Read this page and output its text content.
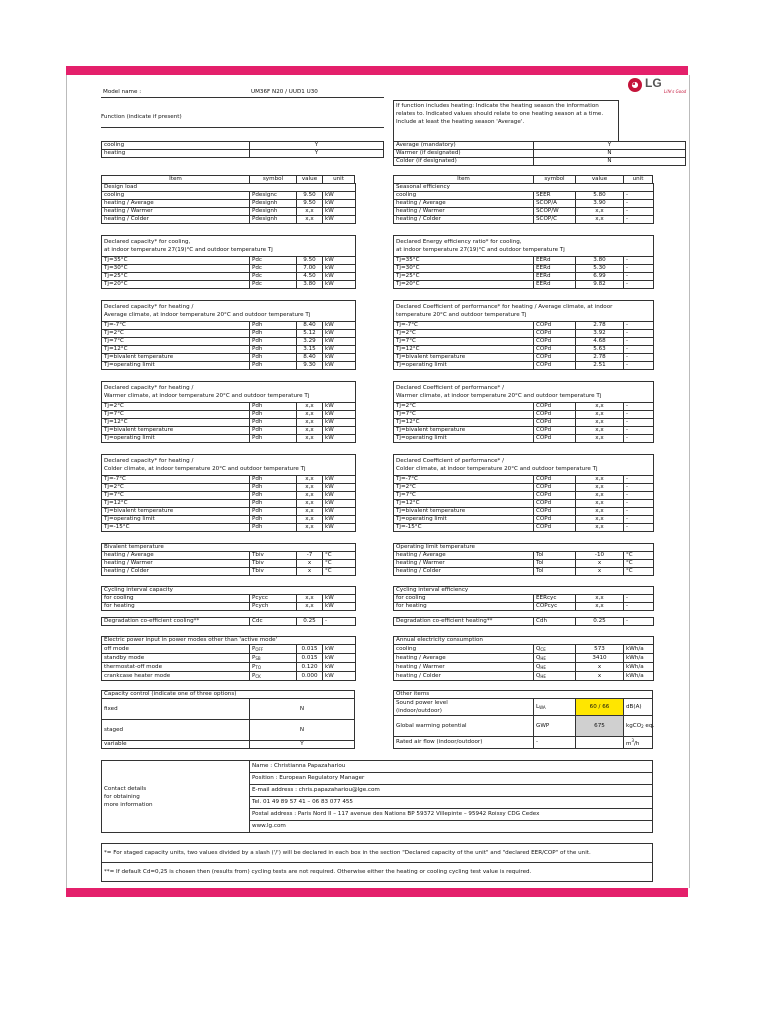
◕ LG
Life's Good
Model name :	UM36F N20 / UUD1 U30
Function (indicate if present)
cooling	Y
heating	Y
If function includes heating: Indicate the heating season the information relates to. Indicated values should relate to one heating season at a time. Include at least the heating season 'Average'.
Average (mandatory)	Y
Warmer (if designated)	N
Colder (if designated)	N
Item	symbol	value	unit	Item	symbol	value	unit
Design load			
cooling	Pdesignc	9.50	kW
heating / Average	Pdesignh	9.50	kW
heating / Warmer	Pdesignh	x,x	kW
heating / Colder	Pdesignh	x,x	kW
Seasonal efficiency			
cooling	SEER	5.80	-
heating / Average	SCOP/A	3.90	-
heating / Warmer	SCOP/W	x,x	-
heating / Colder	SCOP/C	x,x	-
Declared capacity* for cooling,
at indoor temperature 27(19)°C and outdoor temperature Tj			
Tj=35°C	Pdc	9.50	kW
Tj=30°C	Pdc	7.00	kW
Tj=25°C	Pdc	4.50	kW
Tj=20°C	Pdc	3.80	kW
Declared Energy efficiency ratio* for cooling,
at indoor temperature 27(19)°C and outdoor temperature Tj			
Tj=35°C	EERd	3.80	-
Tj=30°C	EERd	5.30	-
Tj=25°C	EERd	6.99	-
Tj=20°C	EERd	9.82	-
Declared capacity* for heating /
Average climate, at indoor temperature 20°C and outdoor temperature Tj			
Tj=-7°C	Pdh	8.40	kW
Tj=2°C	Pdh	5.12	kW
Tj=7°C	Pdh	3.29	kW
Tj=12°C	Pdh	3.15	kW
Tj=bivalent temperature	Pdh	8.40	kW
Tj=operating limit	Pdh	9.30	kW
Declared Coefficient of performance* for heating / Average climate, at indoor
temperature 20°C and outdoor temperature Tj			
Tj=-7°C	COPd	2.78	-
Tj=2°C	COPd	3.92	-
Tj=7°C	COPd	4.68	-
Tj=12°C	COPd	5.63	-
Tj=bivalent temperature	COPd	2.78	-
Tj=operating limit	COPd	2.51	-
Declared capacity* for heating /
Warmer climate, at indoor temperature 20°C and outdoor temperature Tj			
Tj=2°C	Pdh	x,x	kW
Tj=7°C	Pdh	x,x	kW
Tj=12°C	Pdh	x,x	kW
Tj=bivalent temperature	Pdh	x,x	kW
Tj=operating limit	Pdh	x,x	kW
Declared Coefficient of performance* /
Warmer climate, at indoor temperature 20°C and outdoor temperature Tj			
Tj=2°C	COPd	x,x	-
Tj=7°C	COPd	x,x	-
Tj=12°C	COPd	x,x	-
Tj=bivalent temperature	COPd	x,x	-
Tj=operating limit	COPd	x,x	-
Declared capacity* for heating /
Colder climate, at indoor temperature 20°C and outdoor temperature Tj			
Tj=-7°C	Pdh	x,x	kW
Tj=2°C	Pdh	x,x	kW
Tj=7°C	Pdh	x,x	kW
Tj=12°C	Pdh	x,x	kW
Tj=bivalent temperature	Pdh	x,x	kW
Tj=operating limit	Pdh	x,x	kW
Tj=-15°C	Pdh	x,x	kW
Declared Coefficient of performance* /
Colder climate, at indoor temperature 20°C and outdoor temperature Tj			
Tj=-7°C	COPd	x,x	-
Tj=2°C	COPd	x,x	-
Tj=7°C	COPd	x,x	-
Tj=12°C	COPd	x,x	-
Tj=bivalent temperature	COPd	x,x	-
Tj=operating limit	COPd	x,x	-
Tj=-15°C	COPd	x,x	-
Bivalent temperature			
heating / Average	Tbiv	-7	°C
heating / Warmer	Tbiv	x	°C
heating / Colder	Tbiv	x	°C
Operating limit temperature			
heating / Average	Tol	-10	°C
heating / Warmer	Tol	x	°C
heating / Colder	Tol	x	°C
Cycling interval capacity			
for cooling	Pcycc	x,x	kW
for heating	Pcych	x,x	kW
Cycling interval efficiency			
for cooling	EERcyc	x,x	-
for heating	COPcyc	x,x	-
Degradation co-efficient cooling**	Cdc	0.25	-	Degradation co-efficient heating**	Cdh	0.25	-
Electric power input in power modes other than 'active mode'			
off mode	$P_{OFF}$	0.015	kW
standby mode	$P_{SB}$	0.015	kW
thermostat-off mode	$P_{TO}$	0.120	kW
crankcase heater mode	$P_{CK}$	0.000	kW
Annual electricity consumption			
cooling	$Q_{CE}$	573	kWh/a
heating / Average	$Q_{HE}$	3410	kWh/a
heating / Warmer	$Q_{HE}$	x	kWh/a
heating / Colder	$Q_{HE}$	x	kWh/a
Capacity control (indicate one of three options)	
fixed	N
staged	N
variable	Y
Other items			
Sound power level
(indoor/outdoor)	$L_{WA}$	60 / 66	dB(A)
Global warming potential	GWP	675	kgCO$_2$ eq.
Rated air flow (indoor/outdoor)	-		$m^3/h$
Contact details
for obtaining
more information	Name : Christianna Papazahariou
Position : European Regulatory Manager
E-mail address : chris.papazahariou@lge.com
Tel. 01 49 89 57 41 – 06 83 077 455
Postal address : Paris Nord II – 117 avenue des Nations BP 59372 Villepinte – 95942 Roissy CDG Cedex
www.lg.com
*= For staged capacity units, two values divided by a slash ('/') will be declared in each box in the section "Declared capacity of the unit" and "declared EER/COP" of the unit.
**= If default Cd=0,25 is chosen then (results from) cycling tests are not required. Otherwise either the heating or cooling cycling test value is required.
